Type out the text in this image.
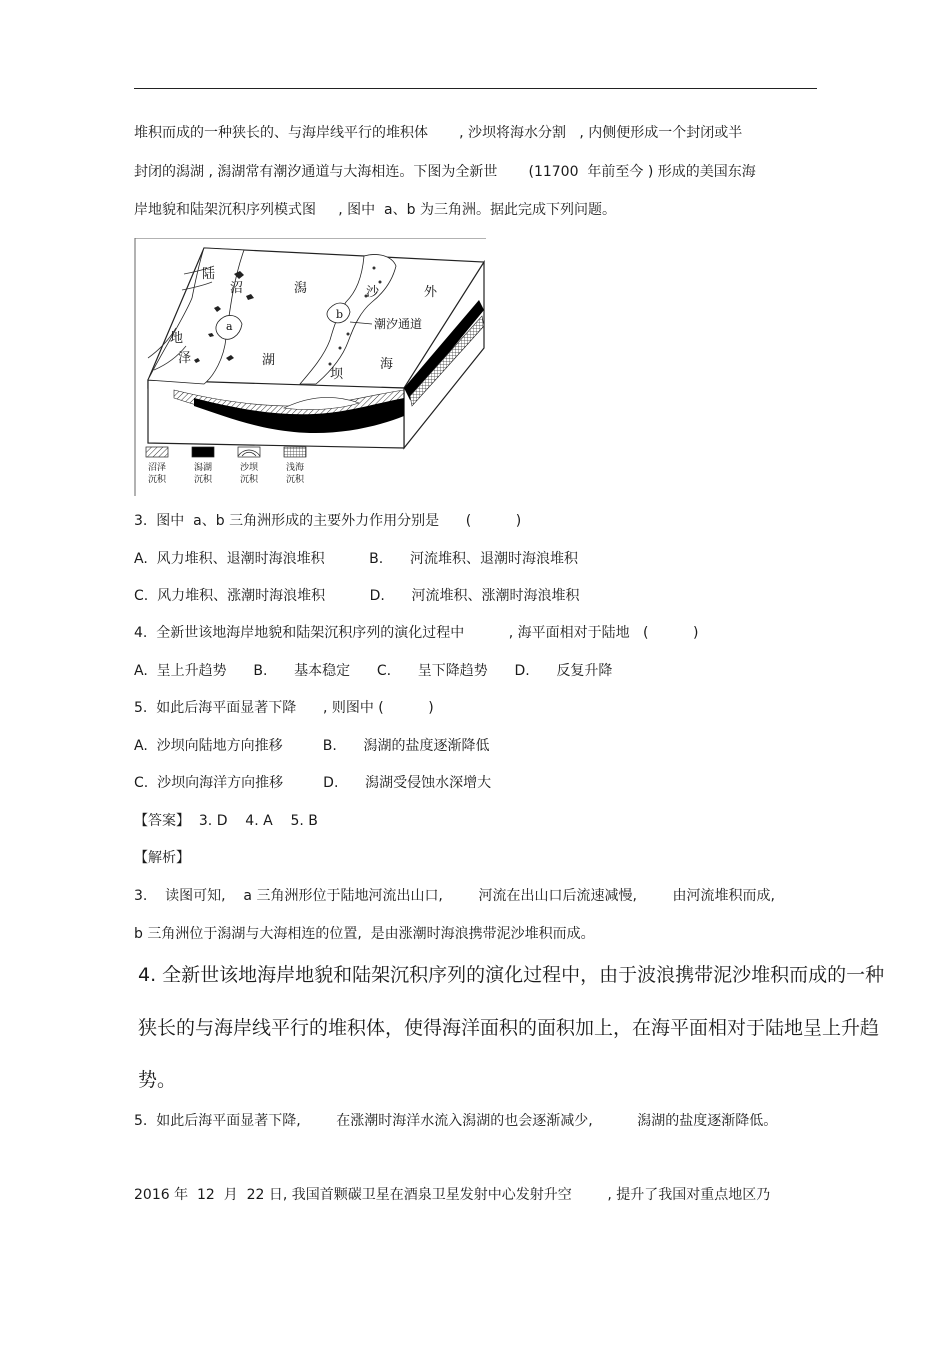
堆积而成的一种狭长的、与海岸线平行的堆积体       , 沙坝将海水分割   , 内侧便形成一个封闭或半
封闭的潟湖 , 潟湖常有潮汐通道与大海相连。下图为全新世       (11700  年前至今 ) 形成的美国东海
岸地貌和陆架沉积序列模式图     , 图中  a、b 为三角洲。据此完成下列问题。
陆
沼	潟	外
沙
a
b
潮汐通道
地
泽	湖
坝
海
沼泽
沉积
潟湖
沉积
沙坝
沉积
浅海
沉积
3.  图中  a、b 三角洲形成的主要外力作用分别是      (          )
A.  风力堆积、退潮时海浪堆积          B.      河流堆积、退潮时海浪堆积
C.  风力堆积、涨潮时海浪堆积          D.      河流堆积、涨潮时海浪堆积
4.  全新世该地海岸地貌和陆架沉积序列的演化过程中          , 海平面相对于陆地   (          )
A.  呈上升趋势      B.      基本稳定      C.      呈下降趋势      D.      反复升降
5.  如此后海平面显著下降      , 则图中 (          )
A.  沙坝向陆地方向推移         B.      潟湖的盐度逐渐降低
C.  沙坝向海洋方向推移         D.      潟湖受侵蚀水深增大
【答案】  3. D    4. A    5. B
【解析】
3.    读图可知,    a 三角洲形位于陆地河流出山口,        河流在出山口后流速减慢,        由河流堆积而成,
b 三角洲位于潟湖与大海相连的位置,  是由涨潮时海浪携带泥沙堆积而成。
4. 全新世该地海岸地貌和陆架沉积序列的演化过程中，由于波浪携带泥沙堆积而成的一种
狭长的与海岸线平行的堆积体，使得海洋面积的面积加上，在海平面相对于陆地呈上升趋
势。
5.  如此后海平面显著下降,        在涨潮时海洋水流入潟湖的也会逐渐减少,          潟湖的盐度逐渐降低。
2016 年  12  月  22 日, 我国首颗碳卫星在酒泉卫星发射中心发射升空        , 提升了我国对重点地区乃
